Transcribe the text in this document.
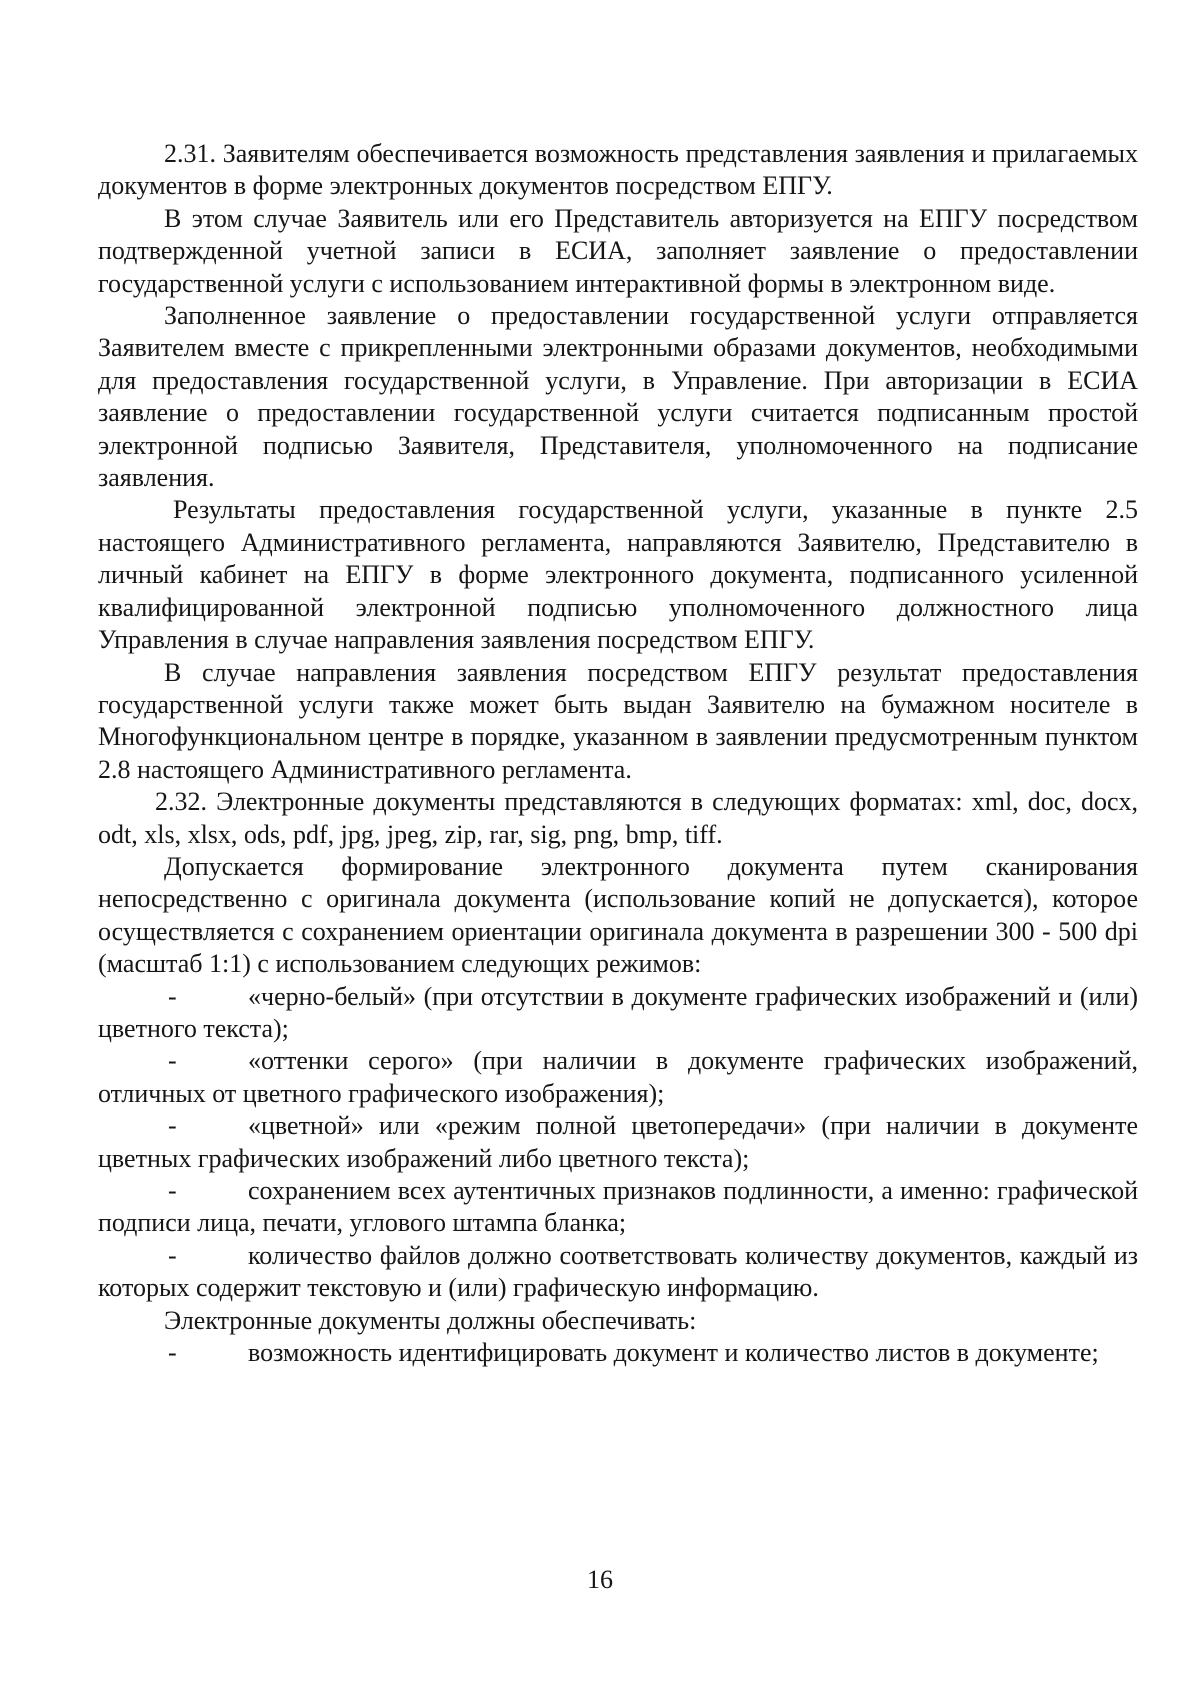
2.31. Заявителям обеспечивается возможность представления заявления и прилагаемых документов в форме электронных документов посредством ЕПГУ.

В этом случае Заявитель или его Представитель авторизуется на ЕПГУ посредством подтвержденной учетной записи в ЕСИА, заполняет заявление о предоставлении государственной услуги с использованием интерактивной формы в электронном виде.

Заполненное заявление о предоставлении государственной услуги отправляется Заявителем вместе с прикрепленными электронными образами документов, необходимыми для предоставления государственной услуги, в Управление. При авторизации в ЕСИА заявление о предоставлении государственной услуги считается подписанным простой электронной подписью Заявителя, Представителя, уполномоченного на подписание заявления.

Результаты предоставления государственной услуги, указанные в пункте 2.5 настоящего Административного регламента, направляются Заявителю, Представителю в личный кабинет на ЕПГУ в форме электронного документа, подписанного усиленной квалифицированной электронной подписью уполномоченного должностного лица Управления в случае направления заявления посредством ЕПГУ.

В случае направления заявления посредством ЕПГУ результат предоставления государственной услуги также может быть выдан Заявителю на бумажном носителе в Многофункциональном центре в порядке, указанном в заявлении предусмотренным пунктом 2.8 настоящего Административного регламента.

2.32. Электронные документы представляются в следующих форматах: xml, doc, docx, odt, xls, xlsx, ods, pdf, jpg, jpeg, zip, rar, sig, png, bmp, tiff.

Допускается формирование электронного документа путем сканирования непосредственно с оригинала документа (использование копий не допускается), которое осуществляется с сохранением ориентации оригинала документа в разрешении 300 - 500 dpi (масштаб 1:1) с использованием следующих режимов:

-	«черно-белый» (при отсутствии в документе графических изображений и (или) цветного текста);

-	«оттенки серого» (при наличии в документе графических изображений, отличных от цветного графического изображения);

-	«цветной» или «режим полной цветопередачи» (при наличии в документе цветных графических изображений либо цветного текста);

-	сохранением всех аутентичных признаков подлинности, а именно: графической подписи лица, печати, углового штампа бланка;

-	количество файлов должно соответствовать количеству документов, каждый из которых содержит текстовую и (или) графическую информацию.

Электронные документы должны обеспечивать:

-	возможность идентифицировать документ и количество листов в документе;

16
